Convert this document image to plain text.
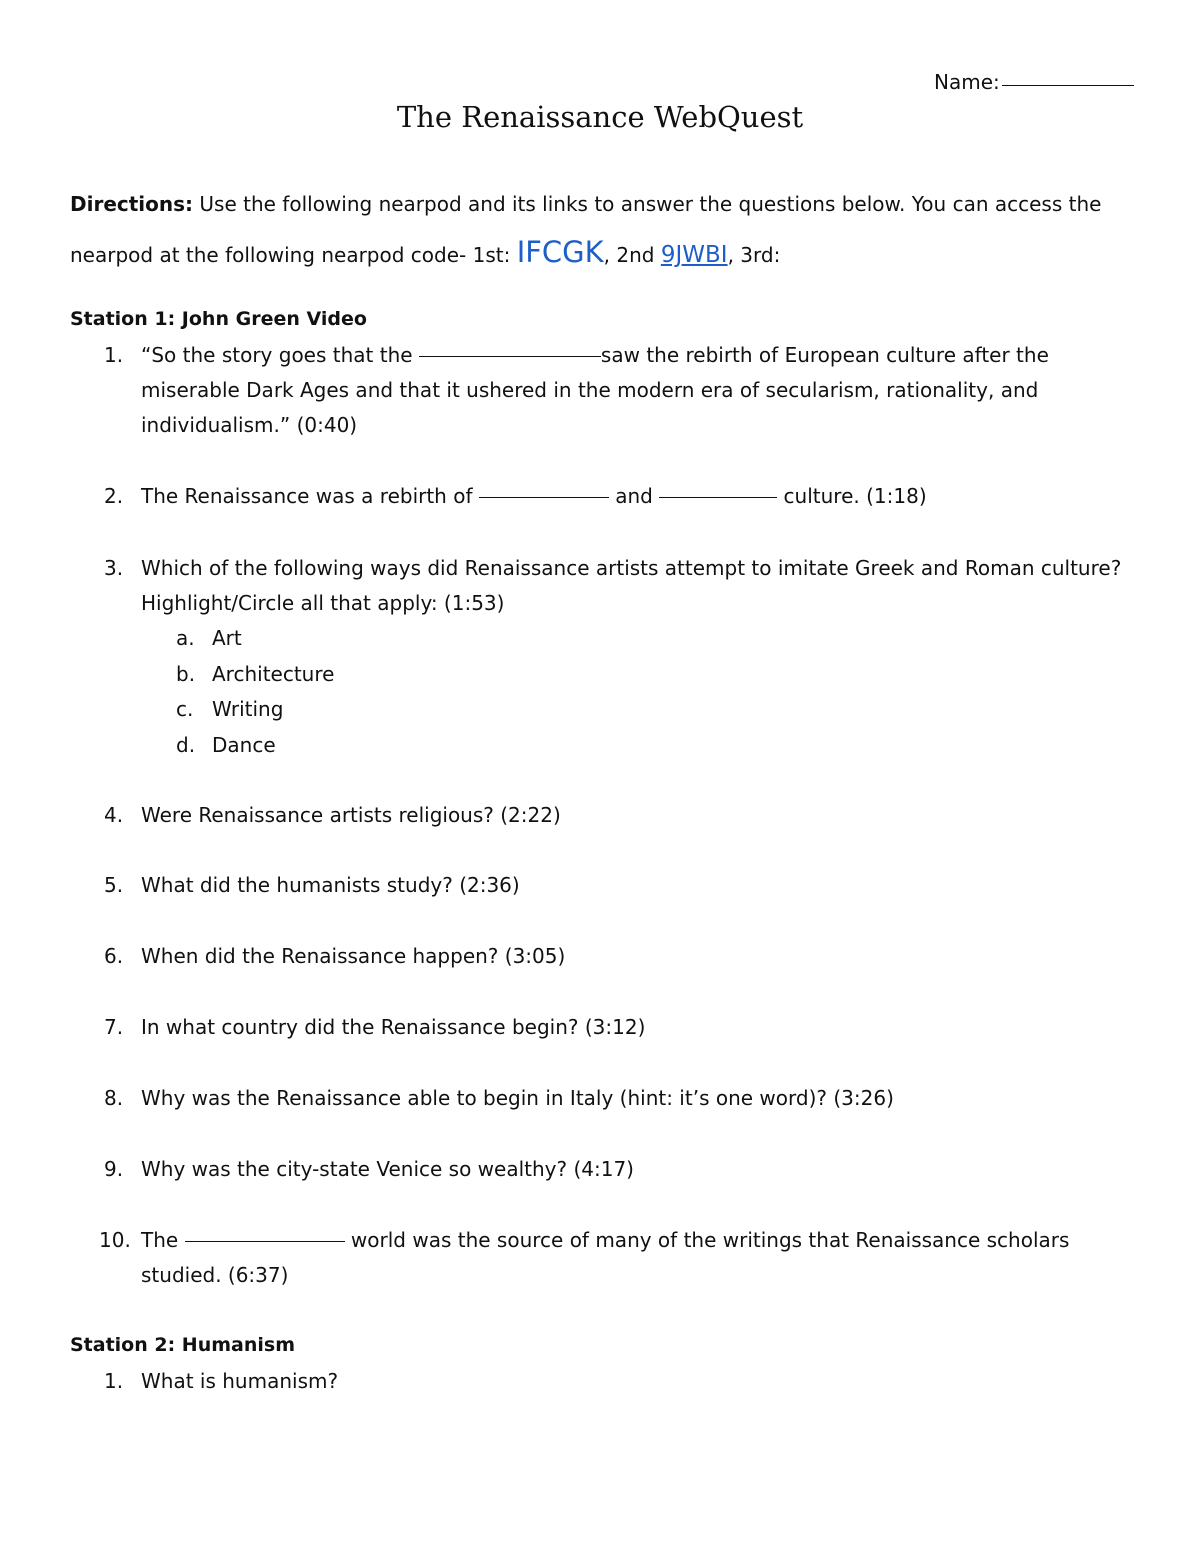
Name:
The Renaissance WebQuest
Directions: Use the following nearpod and its links to answer the questions below. You can access the nearpod at the following nearpod code- 1st: IFCGK, 2nd 9JWBI, 3rd:
Station 1: John Green Video
1. “So the story goes that the	saw the rebirth of European culture after the miserable Dark Ages and that it ushered in the modern era of secularism, rationality, and individualism.” (0:40)
2. The Renaissance was a rebirth of	and	culture. (1:18)
3. Which of the following ways did Renaissance artists attempt to imitate Greek and Roman culture? Highlight/Circle all that apply: (1:53)
a. Art
b. Architecture
c. Writing
d. Dance
4. Were Renaissance artists religious? (2:22)
5. What did the humanists study? (2:36)
6. When did the Renaissance happen? (3:05)
7. In what country did the Renaissance begin? (3:12)
8. Why was the Renaissance able to begin in Italy (hint: it’s one word)? (3:26)
9. Why was the city-state Venice so wealthy? (4:17)
10. The	world was the source of many of the writings that Renaissance scholars studied. (6:37)
Station 2: Humanism
1. What is humanism?
